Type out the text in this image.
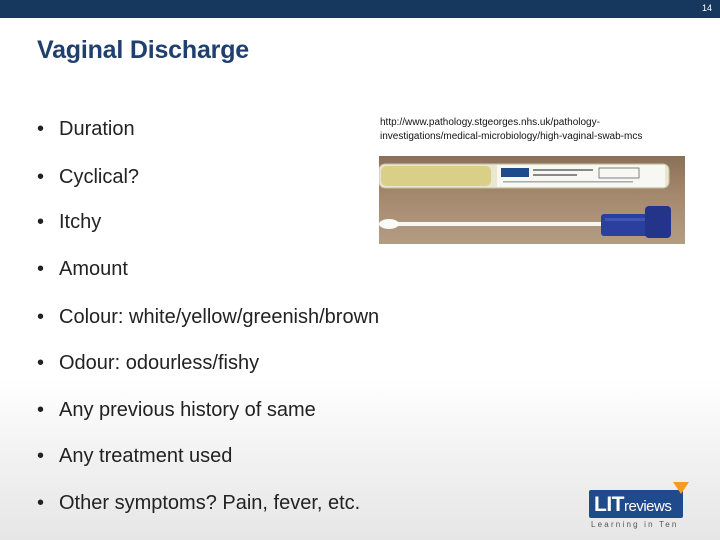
14
Vaginal Discharge
• Duration
• Cyclical?
• Itchy
• Amount
• Colour: white/yellow/greenish/brown
• Odour: odourless/fishy
• Any previous history of same
• Any treatment used
• Other symptoms? Pain, fever, etc.
http://www.pathology.stgeorges.nhs.uk/pathology-
investigations/medical-microbiology/high-vaginal-swab-mcs
LITreviews
Learning in Ten
